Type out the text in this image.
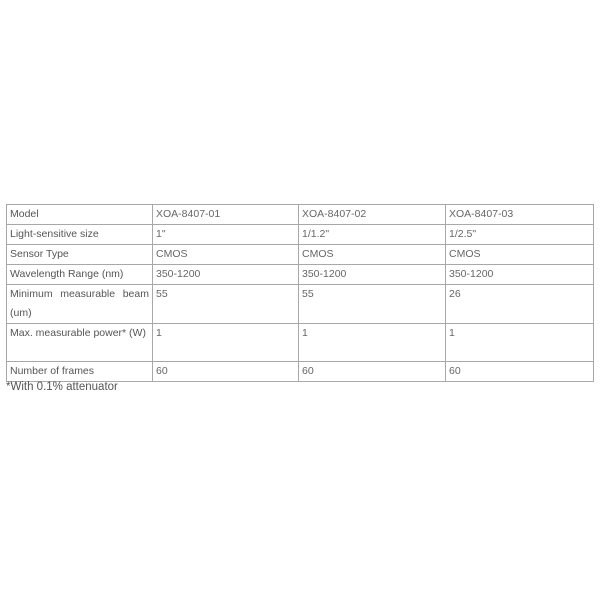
Model	XOA-8407-01	XOA-8407-02	XOA-8407-03
Light-sensitive size	1"	1/1.2"	1/2.5"
Sensor Type	CMOS	CMOS	CMOS
Wavelength Range (nm)	350-1200	350-1200	350-1200
Minimum measurable beam (um)	55	55	26
Max. measurable power* (W)	1	1	1
Number of frames	60	60	60
*With 0.1% attenuator
